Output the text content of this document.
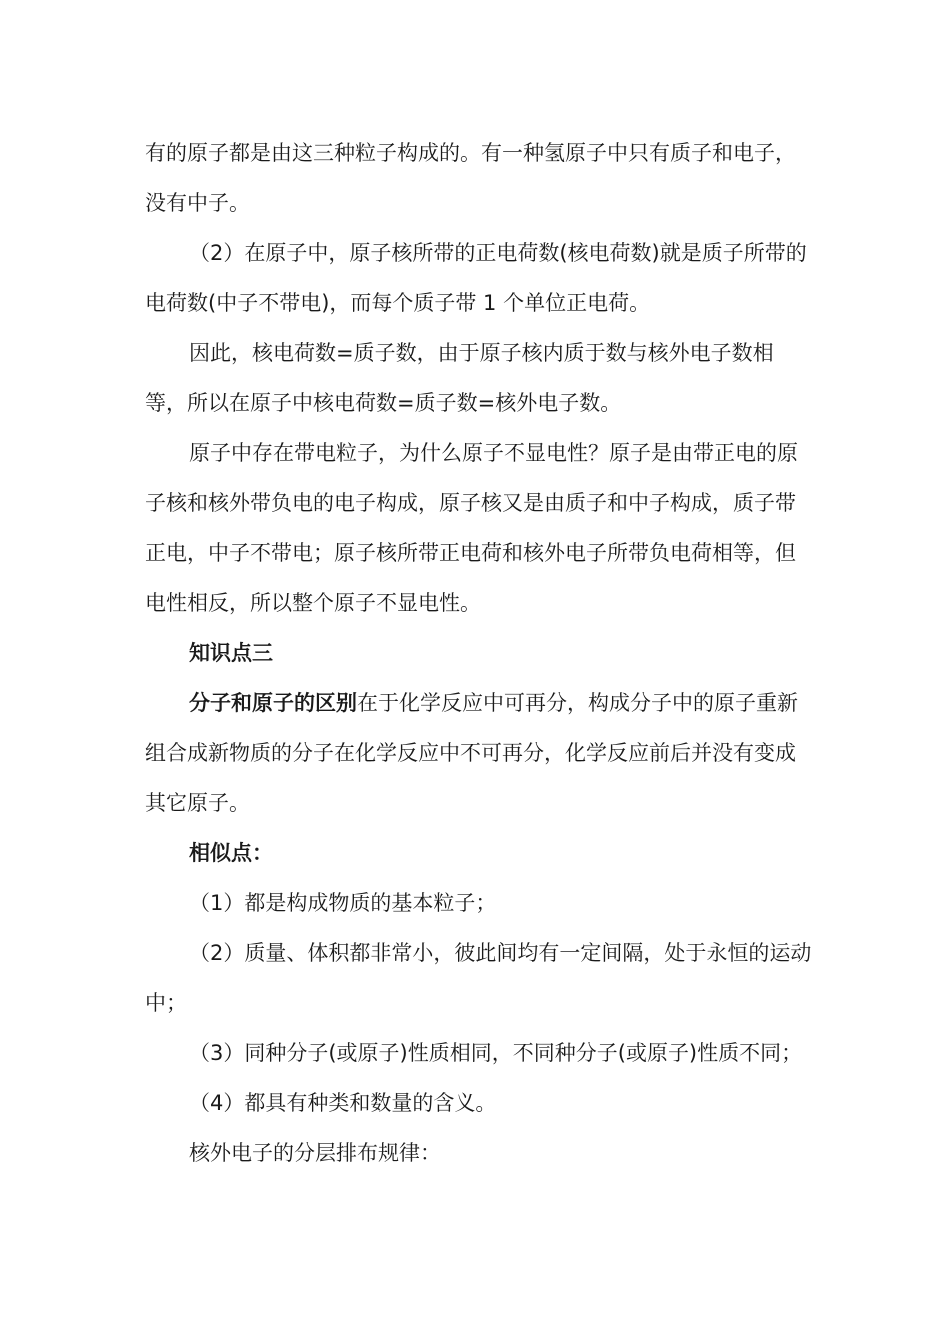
有的原子都是由这三种粒子构成的。有一种氢原子中只有质子和电子，没有中子。

（2）在原子中，原子核所带的正电荷数(核电荷数)就是质子所带的电荷数(中子不带电)，而每个质子带 1 个单位正电荷。

因此，核电荷数=质子数，由于原子核内质于数与核外电子数相等，所以在原子中核电荷数=质子数=核外电子数。

原子中存在带电粒子，为什么原子不显电性？原子是由带正电的原子核和核外带负电的电子构成，原子核又是由质子和中子构成，质子带正电，中子不带电；原子核所带正电荷和核外电子所带负电荷相等，但电性相反，所以整个原子不显电性。

知识点三

分子和原子的区别在于化学反应中可再分，构成分子中的原子重新组合成新物质的分子在化学反应中不可再分，化学反应前后并没有变成其它原子。

相似点：

（1）都是构成物质的基本粒子；

（2）质量、体积都非常小，彼此间均有一定间隔，处于永恒的运动中；

（3）同种分子(或原子)性质相同，不同种分子(或原子)性质不同；

（4）都具有种类和数量的含义。

核外电子的分层排布规律：
